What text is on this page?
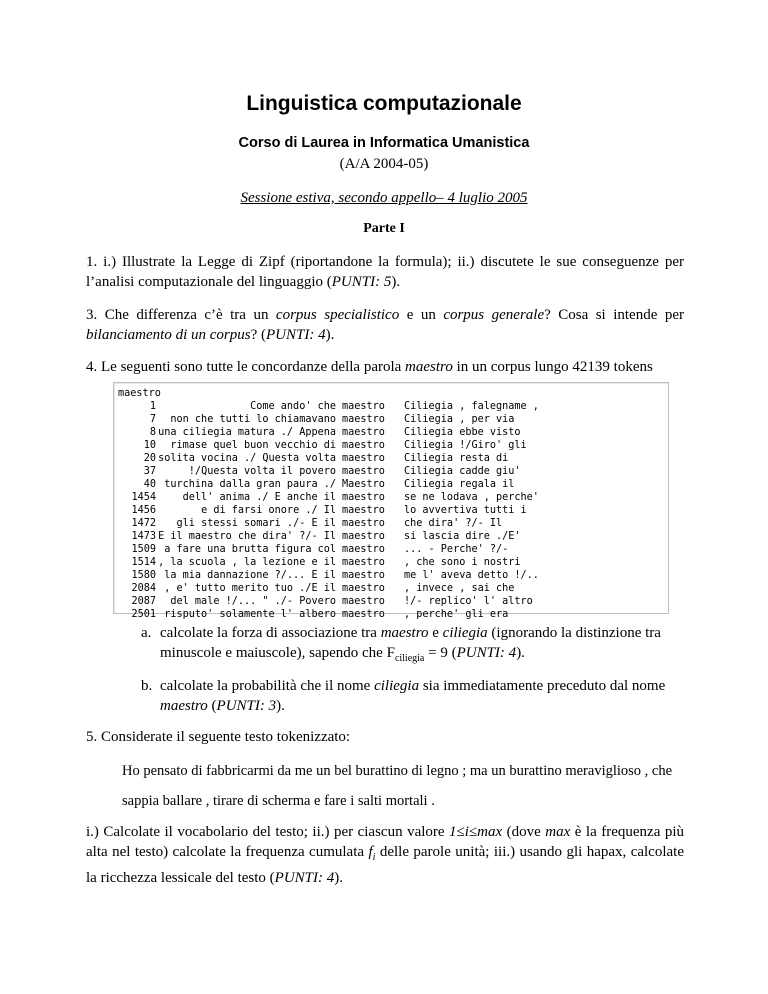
Linguistica computazionale
Corso di Laurea in Informatica Umanistica
(A/A 2004-05)
Sessione estiva, secondo appello– 4 luglio 2005
Parte I
1. i.) Illustrate la Legge di Zipf (riportandone la formula); ii.) discutete le sue conseguenze per l’analisi computazionale del linguaggio (PUNTI: 5).
3. Che differenza c’è tra un corpus specialistico e un corpus generale? Cosa si intende per bilanciamento di un corpus? (PUNTI: 4).
4. Le seguenti sono tutte le concordanze della parola maestro in un corpus lungo 42139 tokens
maestro
1	Come ando' che	maestro	Ciliegia , falegname ,
7	non che tutti lo chiamavano	maestro	Ciliegia , per via
8	una ciliegia matura ./ Appena	maestro	Ciliegia ebbe visto
10	rimase quel buon vecchio di	maestro	Ciliegia !/Giro' gli
20	solita vocina ./ Questa volta	maestro	Ciliegia resta di
37	!/Questa volta il povero	maestro	Ciliegia cadde giu'
40	turchina dalla gran paura ./	Maestro	Ciliegia regala il
1454	dell' anima ./ E anche il	maestro	se ne lodava , perche'
1456	e di farsi onore ./ Il	maestro	lo avvertiva tutti i
1472	gli stessi somari ./- E il	maestro	che dira' ?/- Il
1473	E il maestro che dira' ?/- Il	maestro	si lascia dire ./E'
1509	a fare una brutta figura col	maestro	... - Perche' ?/-
1514	, la scuola , la lezione e il	maestro	, che sono i nostri
1580	la mia dannazione ?/... E il	maestro	me l' aveva detto !/..
2084	, e' tutto merito tuo ./E il	maestro	, invece , sai che
2087	del male !/... " ./- Povero	maestro	!/- replico' l' altro
2501	risputo' solamente l' albero	maestro	, perche' gli era
a. calcolate la forza di associazione tra maestro e ciliegia (ignorando la distinzione tra minuscole e maiuscole), sapendo che $F_{ciliegia} = 9$ (PUNTI: 4).
b. calcolate la probabilità che il nome ciliegia sia immediatamente preceduto dal nome maestro (PUNTI: 3).
5. Considerate il seguente testo tokenizzato:
Ho pensato di fabbricarmi da me un bel burattino di legno ; ma un burattino meraviglioso , che sappia ballare , tirare di scherma e fare i salti mortali .
i.) Calcolate il vocabolario del testo; ii.) per ciascun valore 1≤i≤max (dove max è la frequenza più alta nel testo) calcolate la frequenza cumulata $f_i$ delle parole unità; iii.) usando gli hapax, calcolate la ricchezza lessicale del testo (PUNTI: 4).
